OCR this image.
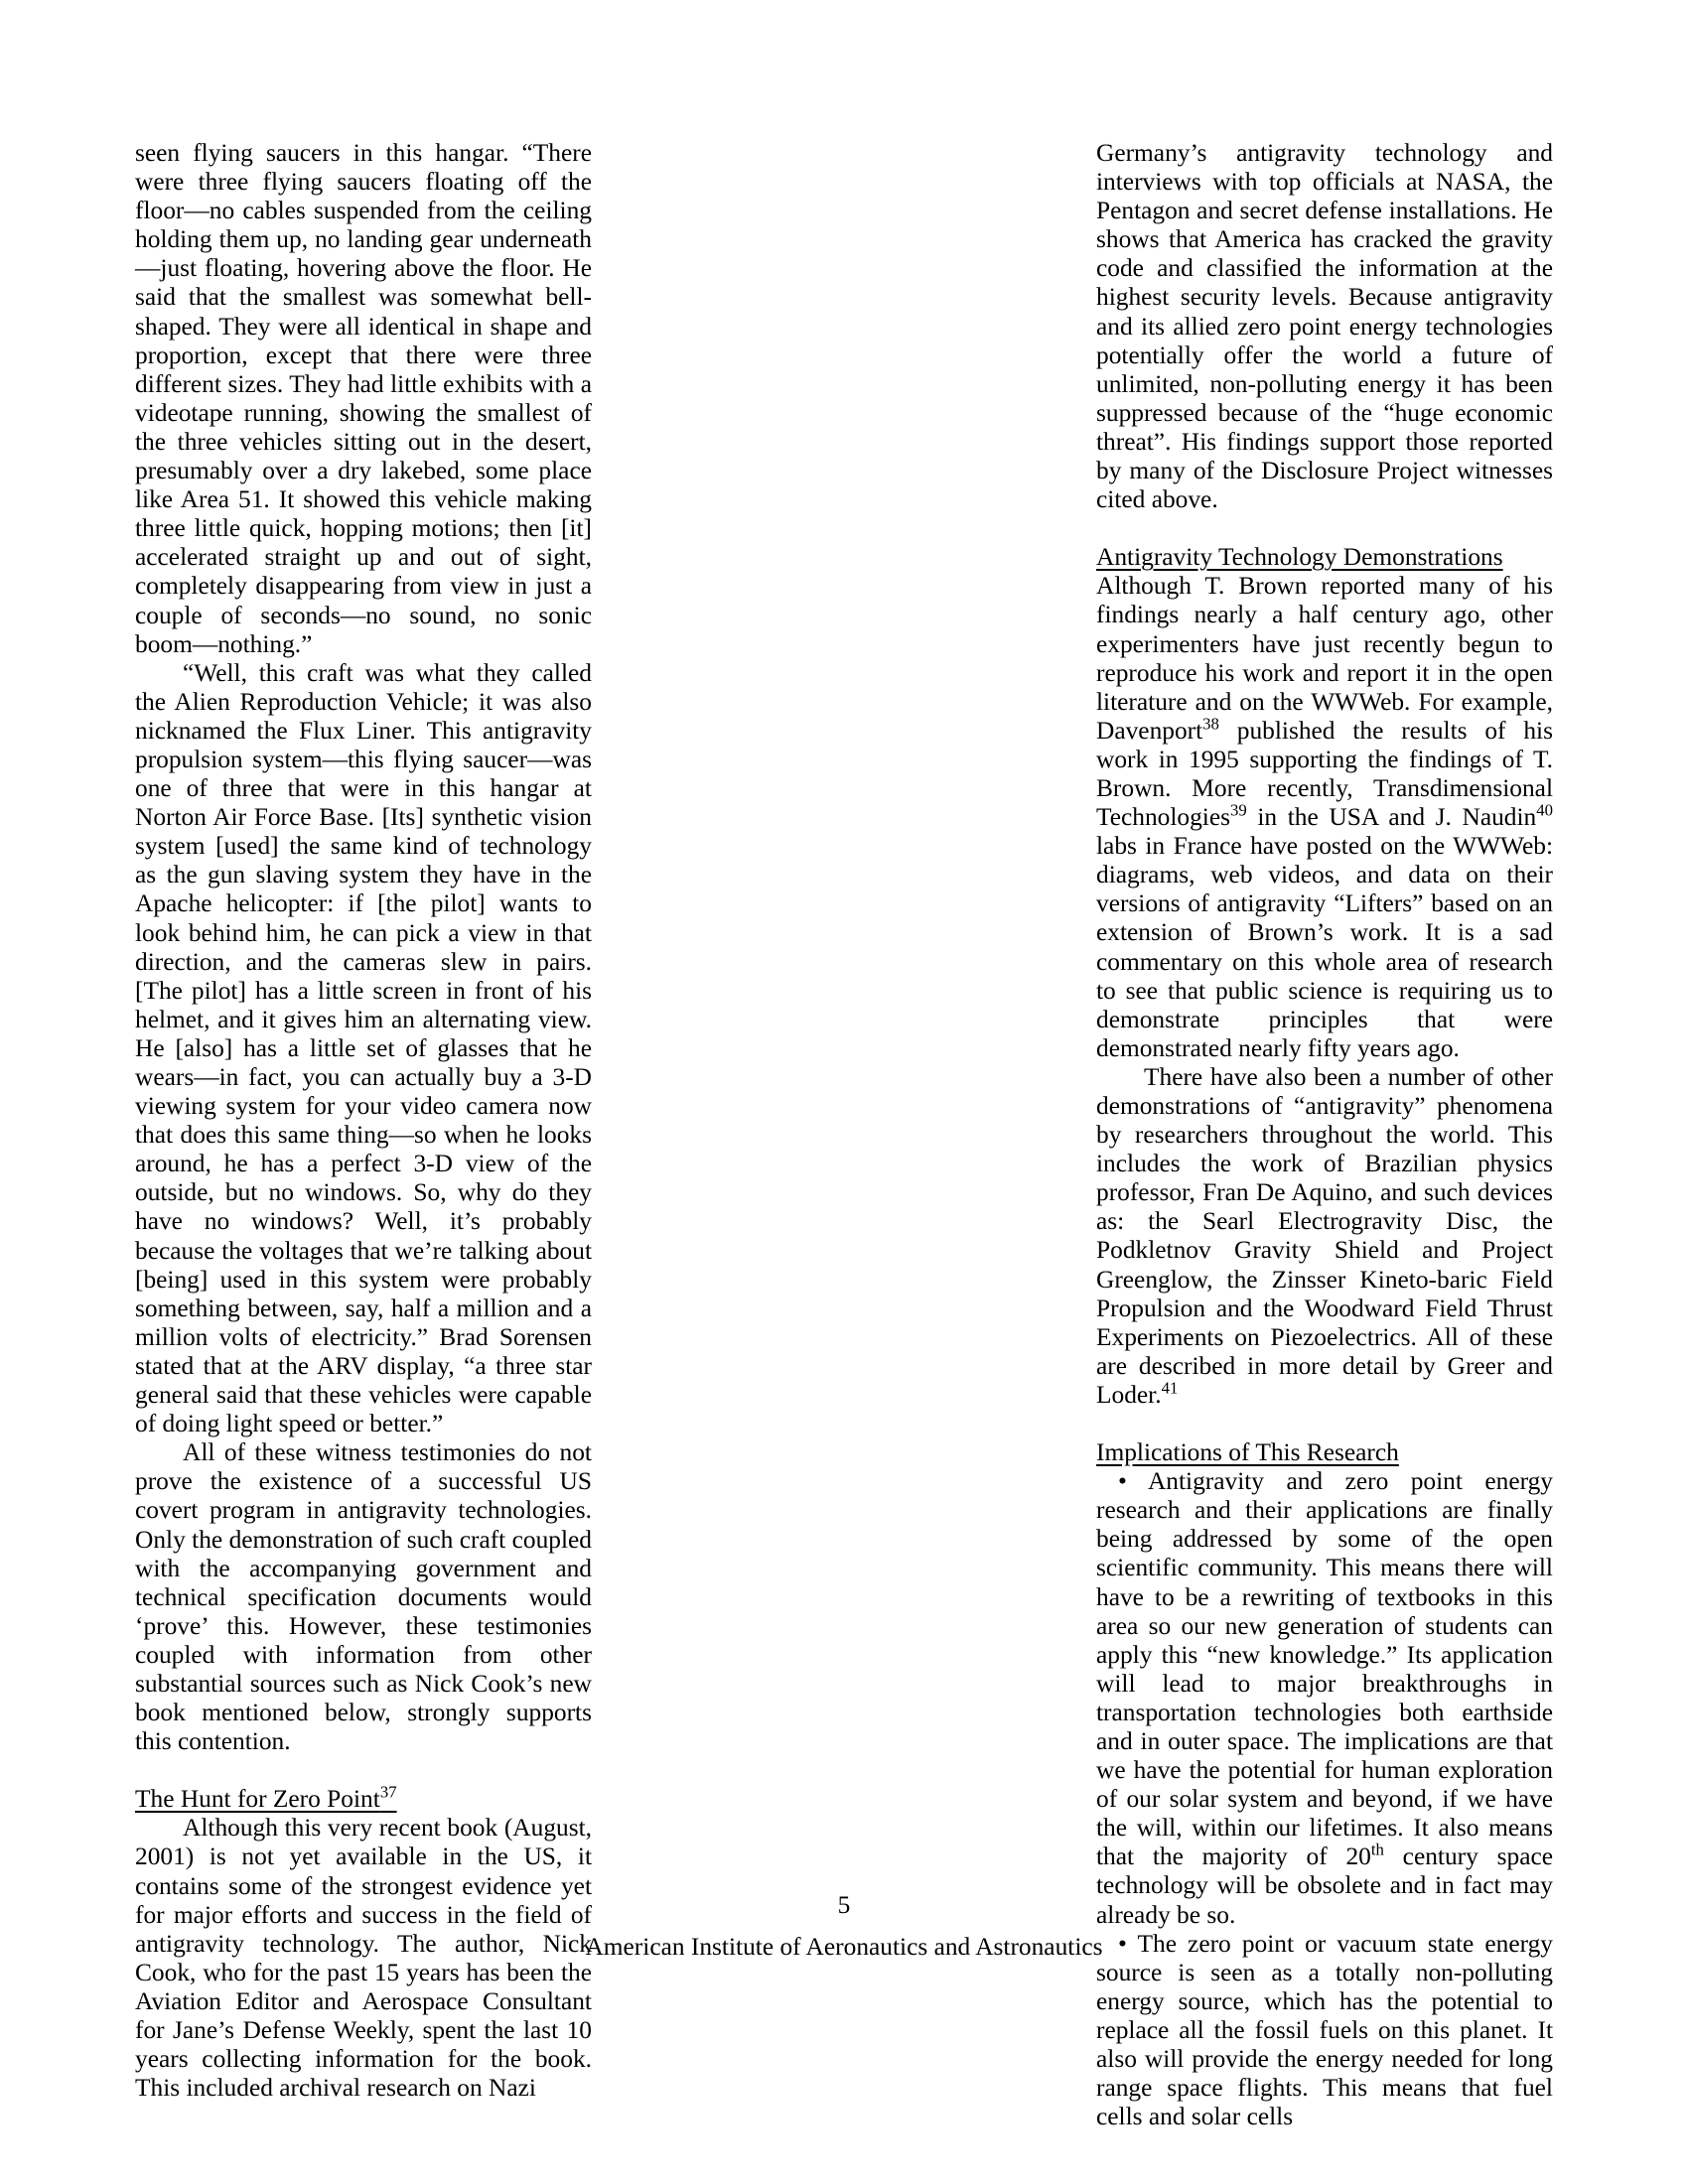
seen flying saucers in this hangar. “There were three flying saucers floating off the floor—no cables suspended from the ceiling holding them up, no landing gear underneath—just floating, hovering above the floor. He said that the smallest was somewhat bell-shaped. They were all identical in shape and proportion, except that there were three different sizes. They had little exhibits with a videotape running, showing the smallest of the three vehicles sitting out in the desert, presumably over a dry lakebed, some place like Area 51. It showed this vehicle making three little quick, hopping motions; then [it] accelerated straight up and out of sight, completely disappearing from view in just a couple of seconds—no sound, no sonic boom—nothing.”

“Well, this craft was what they called the Alien Reproduction Vehicle; it was also nicknamed the Flux Liner. This antigravity propulsion system—this flying saucer—was one of three that were in this hangar at Norton Air Force Base. [Its] synthetic vision system [used] the same kind of technology as the gun slaving system they have in the Apache helicopter: if [the pilot] wants to look behind him, he can pick a view in that direction, and the cameras slew in pairs. [The pilot] has a little screen in front of his helmet, and it gives him an alternating view. He [also] has a little set of glasses that he wears—in fact, you can actually buy a 3-D viewing system for your video camera now that does this same thing—so when he looks around, he has a perfect 3-D view of the outside, but no windows. So, why do they have no windows? Well, it’s probably because the voltages that we’re talking about [being] used in this system were probably something between, say, half a million and a million volts of electricity.” Brad Sorensen stated that at the ARV display, “a three star general said that these vehicles were capable of doing light speed or better.”

All of these witness testimonies do not prove the existence of a successful US covert program in antigravity technologies. Only the demonstration of such craft coupled with the accompanying government and technical specification documents would ‘prove’ this. However, these testimonies coupled with information from other substantial sources such as Nick Cook’s new book mentioned below, strongly supports this contention.

The Hunt for Zero Point$^{37}$

Although this very recent book (August, 2001) is not yet available in the US, it contains some of the strongest evidence yet for major efforts and success in the field of antigravity technology. The author, Nick Cook, who for the past 15 years has been the Aviation Editor and Aerospace Consultant for Jane’s Defense Weekly, spent the last 10 years collecting information for the book. This included archival research on Nazi

Germany’s antigravity technology and interviews with top officials at NASA, the Pentagon and secret defense installations. He shows that America has cracked the gravity code and classified the information at the highest security levels. Because antigravity and its allied zero point energy technologies potentially offer the world a future of unlimited, non-polluting energy it has been suppressed because of the “huge economic threat”. His findings support those reported by many of the Disclosure Project witnesses cited above.

Antigravity Technology Demonstrations

Although T. Brown reported many of his findings nearly a half century ago, other experimenters have just recently begun to reproduce his work and report it in the open literature and on the WWWeb. For example, Davenport$^{38}$ published the results of his work in 1995 supporting the findings of T. Brown. More recently, Transdimensional Technologies$^{39}$ in the USA and J. Naudin$^{40}$ labs in France have posted on the WWWeb: diagrams, web videos, and data on their versions of antigravity “Lifters” based on an extension of Brown’s work. It is a sad commentary on this whole area of research to see that public science is requiring us to demonstrate principles that were demonstrated nearly fifty years ago.

There have also been a number of other demonstrations of “antigravity” phenomena by researchers throughout the world. This includes the work of Brazilian physics professor, Fran De Aquino, and such devices as: the Searl Electrogravity Disc, the Podkletnov Gravity Shield and Project Greenglow, the Zinsser Kineto-baric Field Propulsion and the Woodward Field Thrust Experiments on Piezoelectrics. All of these are described in more detail by Greer and Loder.$^{41}$

Implications of This Research

• Antigravity and zero point energy research and their applications are finally being addressed by some of the open scientific community. This means there will have to be a rewriting of textbooks in this area so our new generation of students can apply this “new knowledge.” Its application will lead to major breakthroughs in transportation technologies both earthside and in outer space. The implications are that we have the potential for human exploration of our solar system and beyond, if we have the will, within our lifetimes. It also means that the majority of 20th century space technology will be obsolete and in fact may already be so.

• The zero point or vacuum state energy source is seen as a totally non-polluting energy source, which has the potential to replace all the fossil fuels on this planet. It also will provide the energy needed for long range space flights. This means that fuel cells and solar cells

5
American Institute of Aeronautics and Astronautics
